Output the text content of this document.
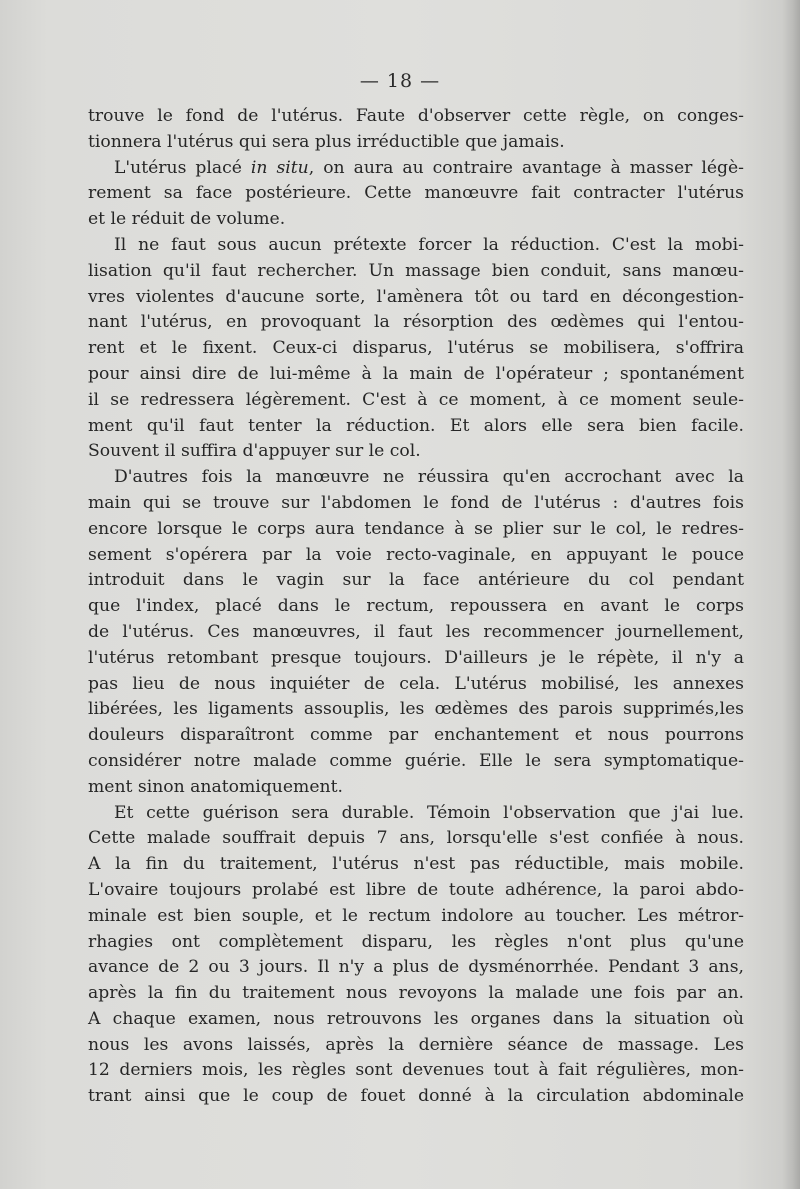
— 18 —
trouve le fond de l'utérus. Faute d'observer cette règle, on conges-
tionnera l'utérus qui sera plus irréductible que jamais.
L'utérus placé in situ, on aura au contraire avantage à masser légè-
rement sa face postérieure. Cette manœuvre fait contracter l'utérus
et le réduit de volume.
Il ne faut sous aucun prétexte forcer la réduction. C'est la mobi-
lisation qu'il faut rechercher. Un massage bien conduit, sans manœu-
vres violentes d'aucune sorte, l'amènera tôt ou tard en décongestion-
nant l'utérus, en provoquant la résorption des œdèmes qui l'entou-
rent et le fixent. Ceux-ci disparus, l'utérus se mobilisera, s'offrira
pour ainsi dire de lui-même à la main de l'opérateur ; spontanément
il se redressera légèrement. C'est à ce moment, à ce moment seule-
ment qu'il faut tenter la réduction. Et alors elle sera bien facile.
Souvent il suffira d'appuyer sur le col.
D'autres fois la manœuvre ne réussira qu'en accrochant avec la
main qui se trouve sur l'abdomen le fond de l'utérus : d'autres fois
encore lorsque le corps aura tendance à se plier sur le col, le redres-
sement s'opérera par la voie recto-vaginale, en appuyant le pouce
introduit dans le vagin sur la face antérieure du col pendant
que l'index, placé dans le rectum, repoussera en avant le corps
de l'utérus. Ces manœuvres, il faut les recommencer journellement,
l'utérus retombant presque toujours. D'ailleurs je le répète, il n'y a
pas lieu de nous inquiéter de cela. L'utérus mobilisé, les annexes
libérées, les ligaments assouplis, les œdèmes des parois supprimés,les
douleurs disparaîtront comme par enchantement et nous pourrons
considérer notre malade comme guérie. Elle le sera symptomatique-
ment sinon anatomiquement.
Et cette guérison sera durable. Témoin l'observation que j'ai lue.
Cette malade souffrait depuis 7 ans, lorsqu'elle s'est confiée à nous.
A la fin du traitement, l'utérus n'est pas réductible, mais mobile.
L'ovaire toujours prolabé est libre de toute adhérence, la paroi abdo-
minale est bien souple, et le rectum indolore au toucher. Les métror-
rhagies ont complètement disparu, les règles n'ont plus qu'une
avance de 2 ou 3 jours. Il n'y a plus de dysménorrhée. Pendant 3 ans,
après la fin du traitement nous revoyons la malade une fois par an.
A chaque examen, nous retrouvons les organes dans la situation où
nous les avons laissés, après la dernière séance de massage. Les
12 derniers mois, les règles sont devenues tout à fait régulières, mon-
trant ainsi que le coup de fouet donné à la circulation abdominale
